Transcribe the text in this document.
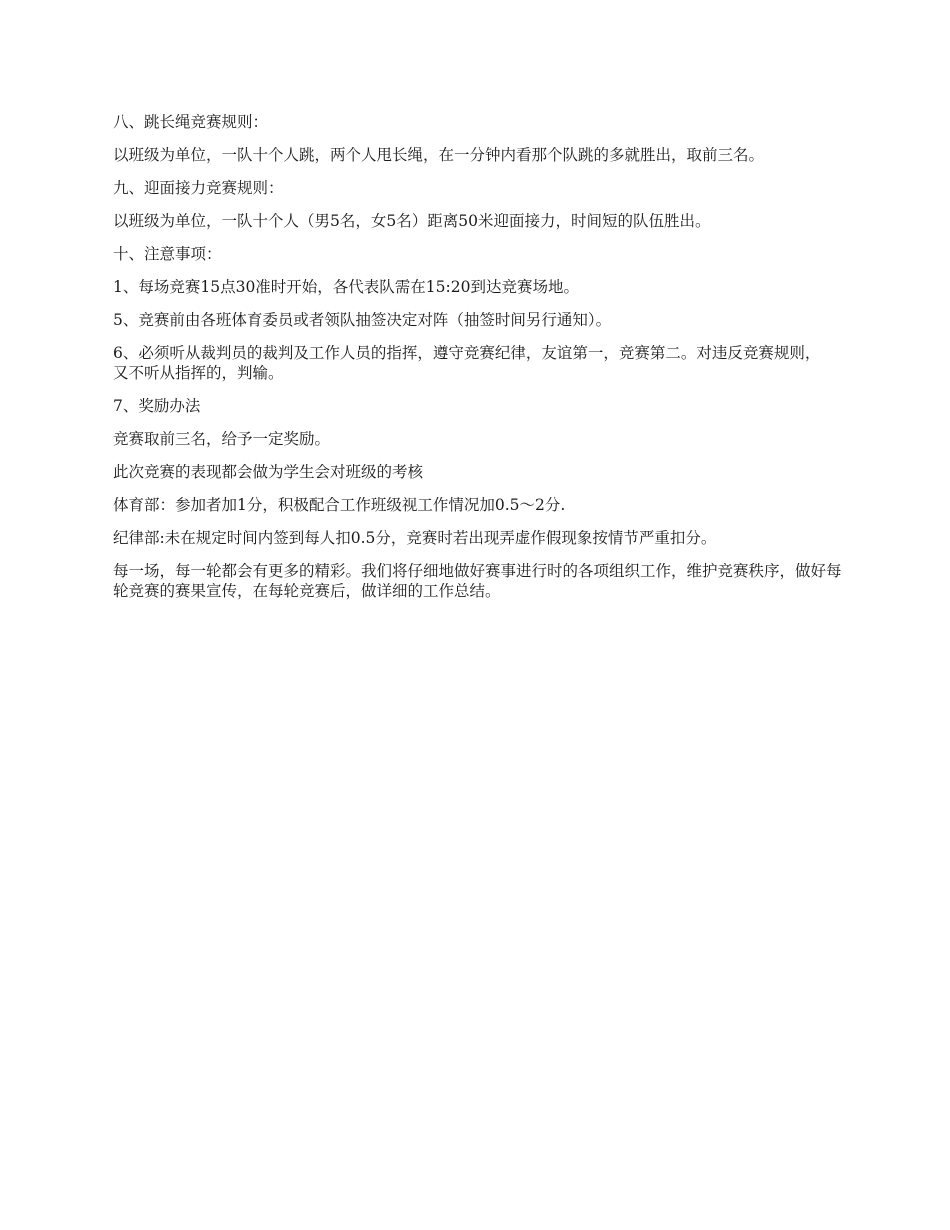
八、跳长绳竞赛规则：

以班级为单位，一队十个人跳，两个人甩长绳，在一分钟内看那个队跳的多就胜出，取前三名。

九、迎面接力竞赛规则：

以班级为单位，一队十个人（男5名，女5名）距离50米迎面接力，时间短的队伍胜出。

十、注意事项：

1、每场竞赛15点30准时开始，各代表队需在15:20到达竞赛场地。

5、竞赛前由各班体育委员或者领队抽签决定对阵（抽签时间另行通知）。

6、必须听从裁判员的裁判及工作人员的指挥，遵守竞赛纪律，友谊第一，竞赛第二。对违反竞赛规则，又不听从指挥的，判输。

7、奖励办法

竞赛取前三名，给予一定奖励。

此次竞赛的表现都会做为学生会对班级的考核

体育部：参加者加1分，积极配合工作班级视工作情况加0.5～2分.

纪律部:未在规定时间内签到每人扣0.5分，竞赛时若出现弄虚作假现象按情节严重扣分。

每一场，每一轮都会有更多的精彩。我们将仔细地做好赛事进行时的各项组织工作，维护竞赛秩序，做好每轮竞赛的赛果宣传，在每轮竞赛后，做详细的工作总结。
